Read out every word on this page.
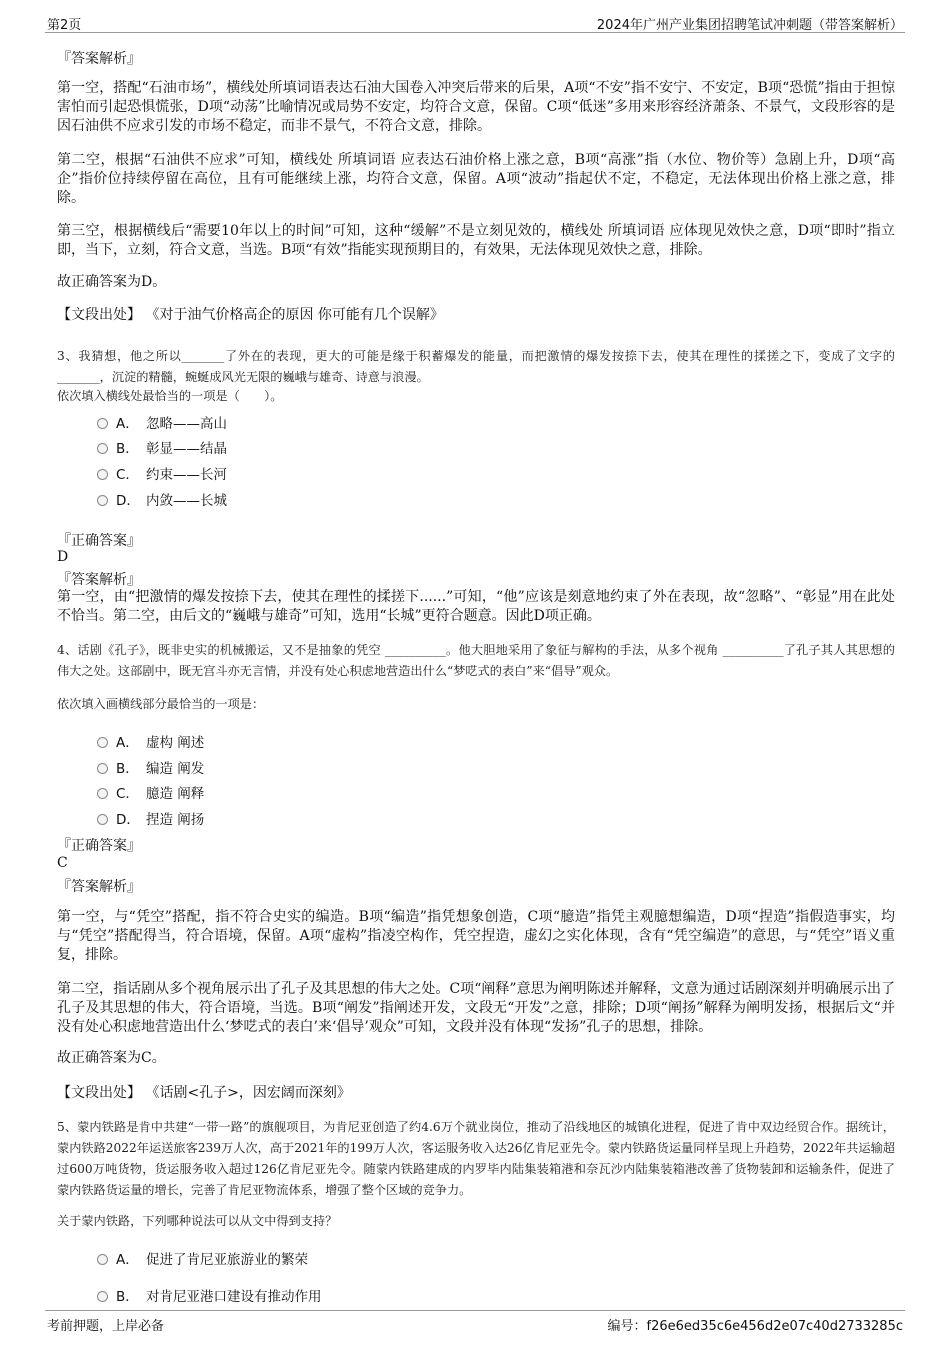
第2页	2024年广州产业集团招聘笔试冲刺题（带答案解析）
『答案解析』
第一空，搭配“石油市场”，横线处所填词语表达石油大国卷入冲突后带来的后果，A项“不安”指不安宁、不安定，B项“恐慌”指由于担惊害怕而引起恐惧慌张，D项“动荡”比喻情况或局势不安定，均符合文意，保留。C项“低迷”多用来形容经济萧条、不景气，文段形容的是因石油供不应求引发的市场不稳定，而非不景气，不符合文意，排除。
第二空，根据“石油供不应求”可知，横线处 所填词语 应表达石油价格上涨之意，B项“高涨”指（水位、物价等）急剧上升，D项“高企”指价位持续停留在高位，且有可能继续上涨，均符合文意，保留。A项“波动”指起伏不定，不稳定，无法体现出价格上涨之意，排除。
第三空，根据横线后“需要10年以上的时间”可知，这种“缓解”不是立刻见效的，横线处 所填词语 应体现见效快之意，D项“即时”指立即，当下，立刻，符合文意，当选。B项“有效”指能实现预期目的，有效果，无法体现见效快之意，排除。
故正确答案为D。
【文段出处】 《对于油气价格高企的原因 你可能有几个误解》
3、我猜想，他之所以_______了外在的表现，更大的可能是缘于积蓄爆发的能量，而把激情的爆发按捺下去，使其在理性的揉搓之下，变成了文字的_______，沉淀的精髓，蜿蜒成风光无限的巍峨与雄奇、诗意与浪漫。
依次填入横线处最恰当的一项是（　　）。
A． 忽略——高山
B． 彰显——结晶
C． 约束——长河
D． 内敛——长城
『正确答案』
D
『答案解析』
第一空，由“把激情的爆发按捺下去，使其在理性的揉搓下......”可知，“他”应该是刻意地约束了外在表现，故“忽略”、“彰显”用在此处不恰当。第二空，由后文的“巍峨与雄奇”可知，选用“长城”更符合题意。因此D项正确。
4、话剧《孔子》，既非史实的机械搬运，又不是抽象的凭空 __________。他大胆地采用了象征与解构的手法，从多个视角 __________了孔子其人其思想的伟大之处。这部剧中，既无宫斗亦无言情，并没有处心积虑地营造出什么“梦呓式的表白”来“倡导”观众。
依次填入画横线部分最恰当的一项是：
A． 虚构 阐述
B． 编造 阐发
C． 臆造 阐释
D． 捏造 阐扬
『正确答案』
C
『答案解析』
第一空，与“凭空”搭配，指不符合史实的编造。B项“编造”指凭想象创造，C项“臆造”指凭主观臆想编造，D项“捏造”指假造事实，均与“凭空”搭配得当，符合语境，保留。A项“虚构”指凌空构作，凭空捏造，虚幻之实化体现，含有“凭空编造”的意思，与“凭空”语义重复，排除。
第二空，指话剧从多个视角展示出了孔子及其思想的伟大之处。C项“阐释”意思为阐明陈述并解释，文意为通过话剧深刻并明确展示出了孔子及其思想的伟大，符合语境，当选。B项“阐发”指阐述开发，文段无“开发”之意，排除；D项“阐扬”解释为阐明发扬，根据后文“并没有处心积虑地营造出什么‘梦呓式的表白’来‘倡导’观众”可知，文段并没有体现“发扬”孔子的思想，排除。
故正确答案为C。
【文段出处】 《话剧<孔子>，因宏阔而深刻》
5、蒙内铁路是肯中共建“一带一路”的旗舰项目，为肯尼亚创造了约4.6万个就业岗位，推动了沿线地区的城镇化进程，促进了肯中双边经贸合作。据统计，蒙内铁路2022年运送旅客239万人次，高于2021年的199万人次，客运服务收入达26亿肯尼亚先令。蒙内铁路货运量同样呈现上升趋势，2022年共运输超过600万吨货物，货运服务收入超过126亿肯尼亚先令。随蒙内铁路建成的内罗毕内陆集装箱港和奈瓦沙内陆集装箱港改善了货物装卸和运输条件，促进了蒙内铁路货运量的增长，完善了肯尼亚物流体系，增强了整个区域的竞争力。
关于蒙内铁路，下列哪种说法可以从文中得到支持？
A． 促进了肯尼亚旅游业的繁荣
B． 对肯尼亚港口建设有推动作用
考前押题，上岸必备	编号：f26e6ed35c6e456d2e07c40d2733285c
